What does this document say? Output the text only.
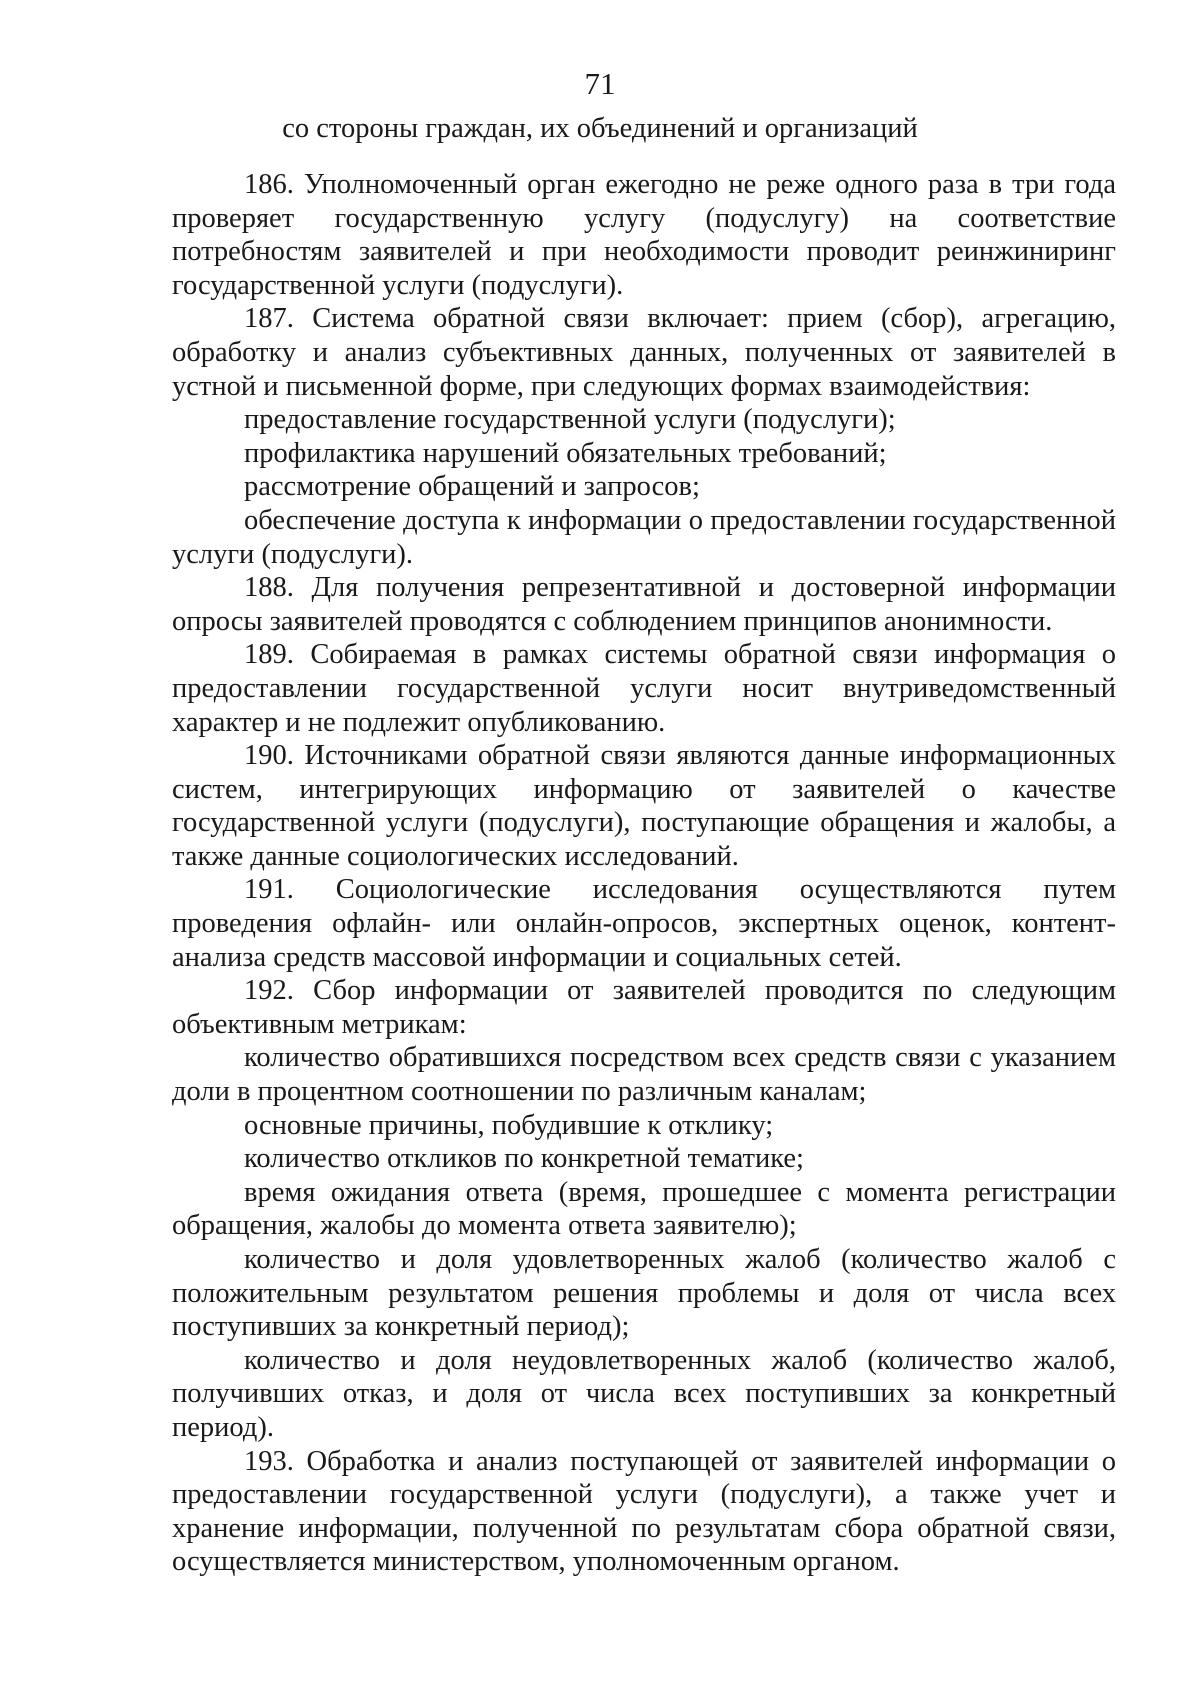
71
со стороны граждан, их объединений и организаций

186. Уполномоченный орган ежегодно не реже одного раза в три года проверяет государственную услугу (подуслугу) на соответствие потребностям заявителей и при необходимости проводит реинжиниринг государственной услуги (подуслуги).

187. Система обратной связи включает: прием (сбор), агрегацию, обработку и анализ субъективных данных, полученных от заявителей в устной и письменной форме, при следующих формах взаимодействия:

предоставление государственной услуги (подуслуги);

профилактика нарушений обязательных требований;

рассмотрение обращений и запросов;

обеспечение доступа к информации о предоставлении государственной услуги (подуслуги).

188. Для получения репрезентативной и достоверной информации опросы заявителей проводятся с соблюдением принципов анонимности.

189. Собираемая в рамках системы обратной связи информация о предоставлении государственной услуги носит внутриведомственный характер и не подлежит опубликованию.

190. Источниками обратной связи являются данные информационных систем, интегрирующих информацию от заявителей о качестве государственной услуги (подуслуги), поступающие обращения и жалобы, а также данные социологических исследований.

191. Социологические исследования осуществляются путем проведения офлайн- или онлайн-опросов, экспертных оценок, контент-анализа средств массовой информации и социальных сетей.

192. Сбор информации от заявителей проводится по следующим объективным метрикам:

количество обратившихся посредством всех средств связи с указанием доли в процентном соотношении по различным каналам;

основные причины, побудившие к отклику;

количество откликов по конкретной тематике;

время ожидания ответа (время, прошедшее с момента регистрации обращения, жалобы до момента ответа заявителю);

количество и доля удовлетворенных жалоб (количество жалоб с положительным результатом решения проблемы и доля от числа всех поступивших за конкретный период);

количество и доля неудовлетворенных жалоб (количество жалоб, получивших отказ, и доля от числа всех поступивших за конкретный период).

193. Обработка и анализ поступающей от заявителей информации о предоставлении государственной услуги (подуслуги), а также учет и хранение информации, полученной по результатам сбора обратной связи, осуществляется министерством, уполномоченным органом.
